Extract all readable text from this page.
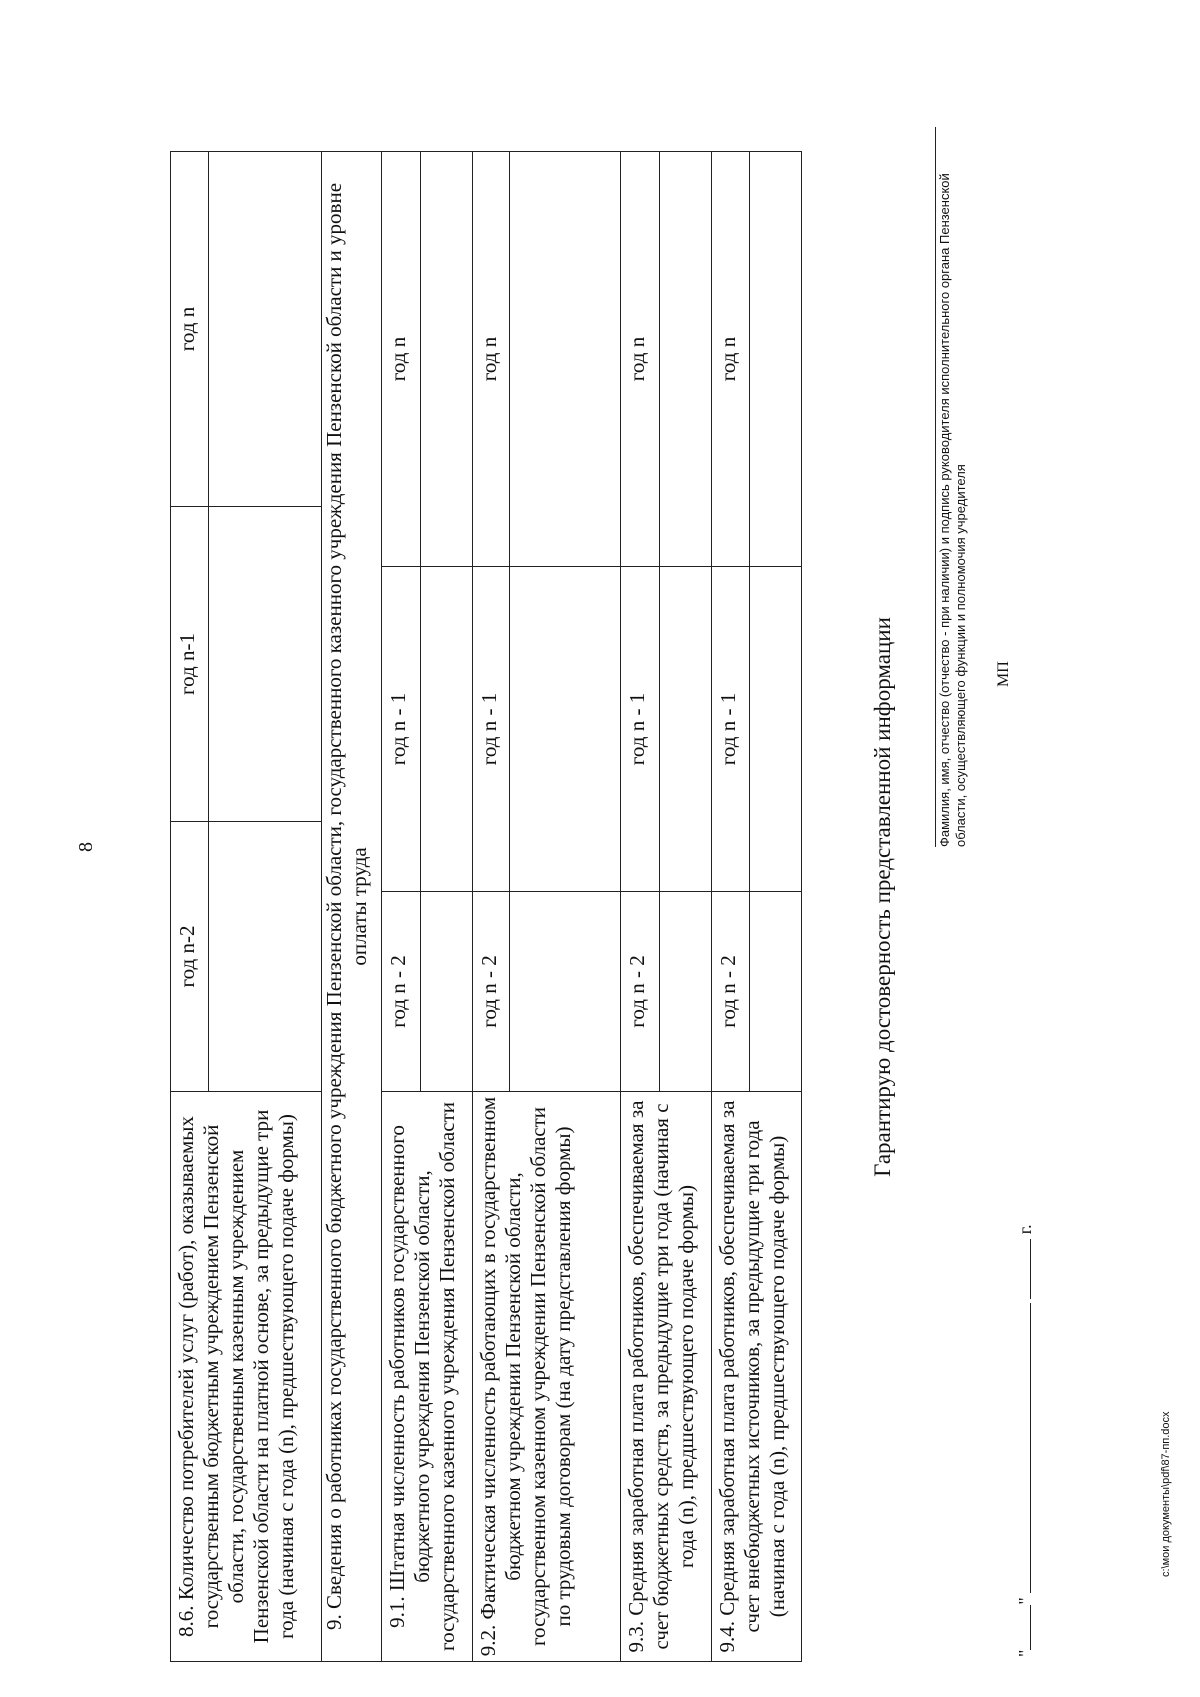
8
8.6. Количество потребителей услуг (работ), оказываемых государственным бюджетным учреждением Пензенской области, государственным казенным учреждением Пензенской области на платной основе, за предыдущие три года (начиная с года (n), предшествующего подаче формы)	год n-2		год n-1		год n

9. Сведения о работниках государственного бюджетного учреждения Пензенской области, государственного казенного учреждения Пензенской области и уровне оплаты труда					
9.1. Штатная численность работников государственного бюджетного учреждения Пензенской области, государственного казенного учреждения Пензенской области	год n - 2	год n - 1		год n	

9.2. Фактическая численность работающих в государственном бюджетном учреждении Пензенской области, государственном казенном учреждении Пензенской области по трудовым договорам (на дату представления формы)	год n - 2	год n - 1		год n	

9.3. Средняя заработная плата работников, обеспечиваемая за счет бюджетных средств, за предыдущие три года (начиная с года (n), предшествующего подаче формы)	год n - 2	год n - 1		год n	

9.4. Средняя заработная плата работников, обеспечиваемая за счет внебюджетных источников, за предыдущие три года (начиная с года (n), предшествующего подаче формы)	год n - 2	год n - 1		год n	

Гарантирую достоверность представленной информации
Фамилия, имя, отчество (отчество - при наличии) и подпись руководителя исполнительного органа Пензенской области, осуществляющего функции и полномочия учредителя
""  г.
МП
c:\мои документы\pdf\87-пп.docx
